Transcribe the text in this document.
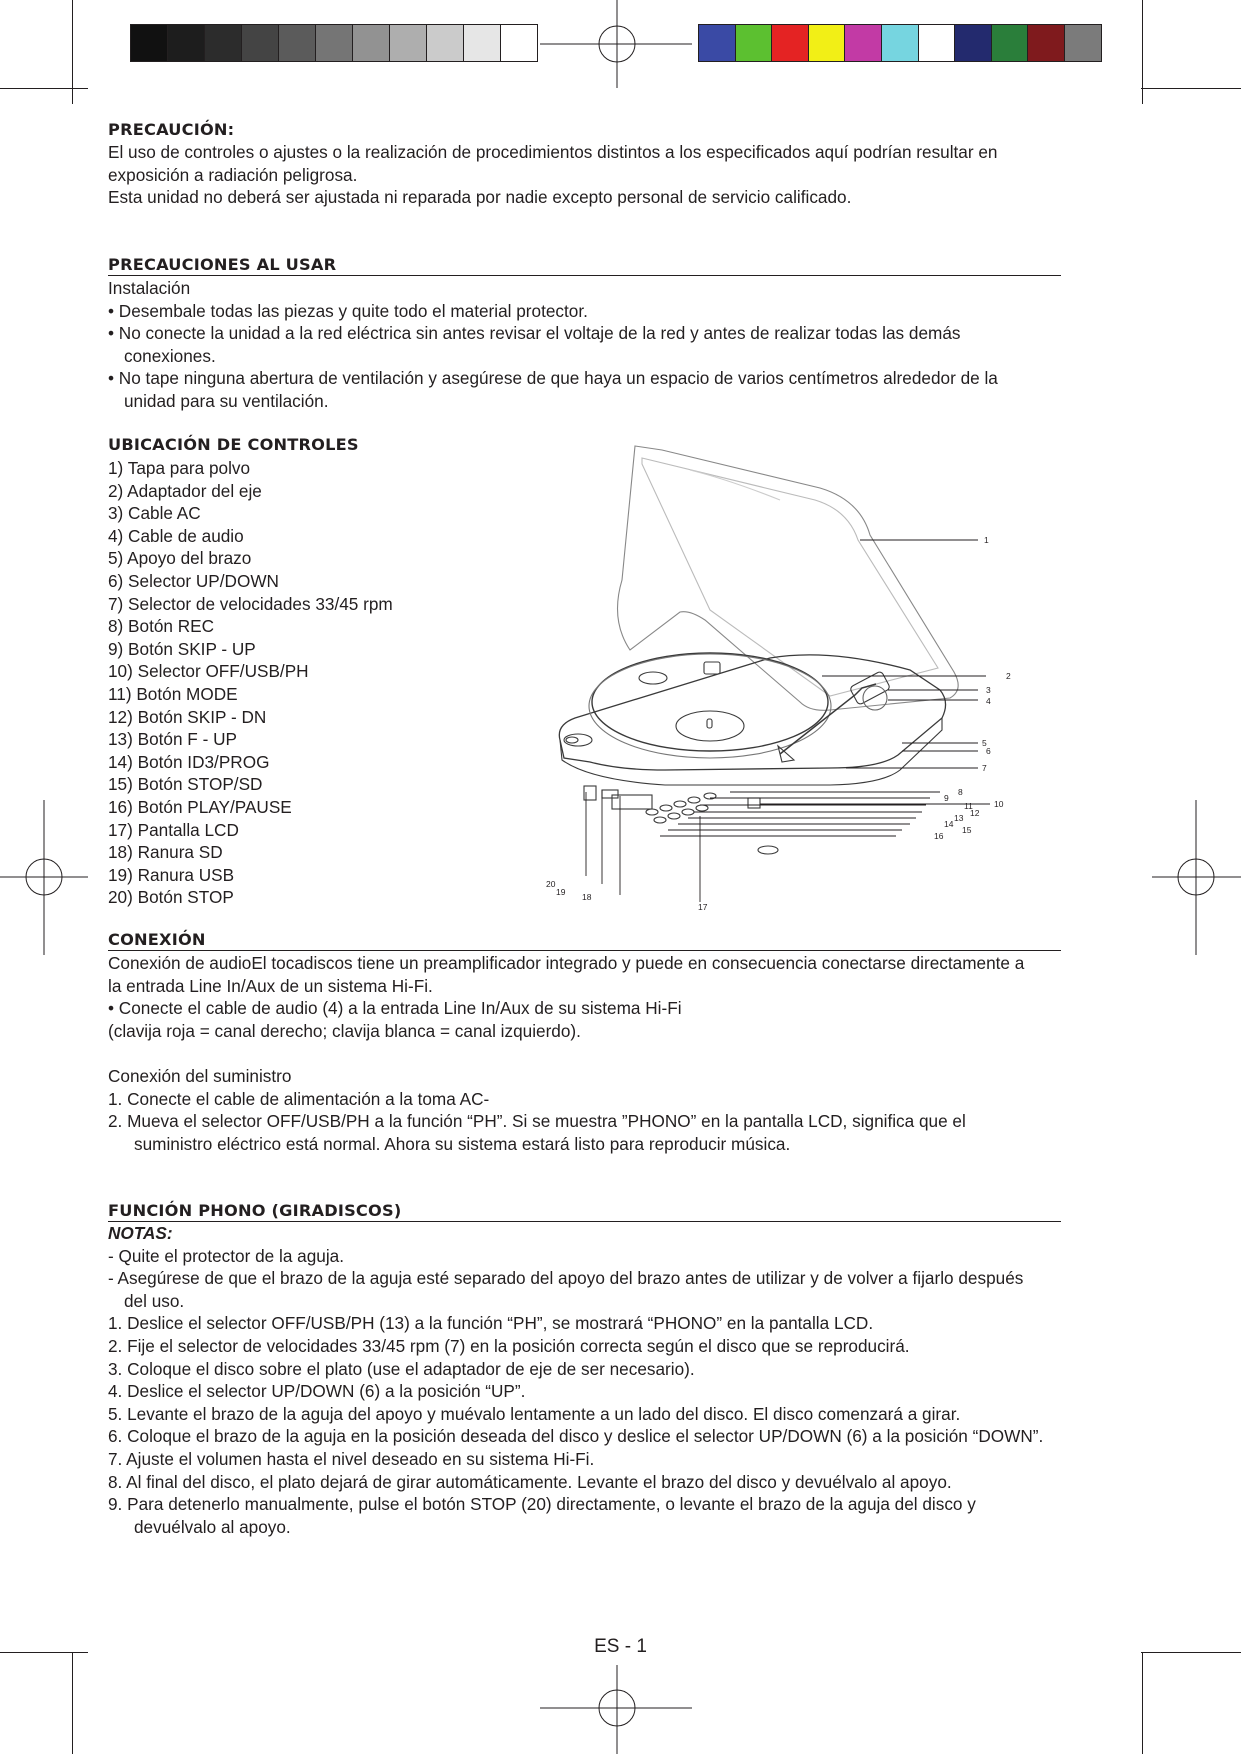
PRECAUCIÓN:
El uso de controles o ajustes o la realización de procedimientos distintos a los especificados aquí podrían resultar en
exposición a radiación peligrosa.
Esta unidad no deberá ser ajustada ni reparada por nadie excepto personal de servicio calificado.
PRECAUCIONES AL USAR
Instalación
• Desembale todas las piezas y quite todo el material protector.
• No conecte la unidad a la red eléctrica sin antes revisar el voltaje de la red y antes de realizar todas las demás
conexiones.
• No tape ninguna abertura de ventilación y asegúrese de que haya un espacio de varios centímetros alrededor de la
unidad para su ventilación.
UBICACIÓN DE CONTROLES
1) Tapa para polvo
2) Adaptador del eje
3) Cable AC
4) Cable de audio
5) Apoyo del brazo
6) Selector UP/DOWN
7) Selector de velocidades 33/45 rpm
8) Botón REC
9) Botón SKIP - UP
10) Selector OFF/USB/PH
11) Botón MODE
12) Botón SKIP - DN
13) Botón F - UP
14) Botón ID3/PROG
15) Botón STOP/SD
16) Botón PLAY/PAUSE
17) Pantalla LCD
18) Ranura SD
19) Ranura USB
20) Botón STOP
1
2
3
4
5
6
7
8
9
10
11
12
13
14
15
16
17
18
19
20
CONEXIÓN
Conexión de audioEl tocadiscos tiene un preamplificador integrado y puede en consecuencia conectarse directamente a
la entrada Line In/Aux de un sistema Hi-Fi.
• Conecte el cable de audio (4) a la entrada Line In/Aux de su sistema Hi-Fi
(clavija roja = canal derecho; clavija blanca = canal izquierdo).

Conexión del suministro
1. Conecte el cable de alimentación a la toma AC-
2. Mueva el selector OFF/USB/PH a la función “PH”. Si se muestra ”PHONO” en la pantalla LCD, significa que el
suministro eléctrico está normal. Ahora su sistema estará listo para reproducir música.
FUNCIÓN PHONO (GIRADISCOS)
NOTAS:
- Quite el protector de la aguja.
- Asegúrese de que el brazo de la aguja esté separado del apoyo del brazo antes de utilizar y de volver a fijarlo después
del uso.
1. Deslice el selector OFF/USB/PH (13) a la función “PH”, se mostrará “PHONO” en la pantalla LCD.
2. Fije el selector de velocidades 33/45 rpm (7) en la posición correcta según el disco que se reproducirá.
3. Coloque el disco sobre el plato (use el adaptador de eje de ser necesario).
4. Deslice el selector UP/DOWN (6) a la posición “UP”.
5. Levante el brazo de la aguja del apoyo y muévalo lentamente a un lado del disco. El disco comenzará a girar.
6. Coloque el brazo de la aguja en la posición deseada del disco y deslice el selector UP/DOWN (6) a la posición “DOWN”.
7. Ajuste el volumen hasta el nivel deseado en su sistema Hi-Fi.
8. Al final del disco, el plato dejará de girar automáticamente. Levante el brazo del disco y devuélvalo al apoyo.
9. Para detenerlo manualmente, pulse el botón STOP (20) directamente, o levante el brazo de la aguja del disco y
devuélvalo al apoyo.
ES - 1
